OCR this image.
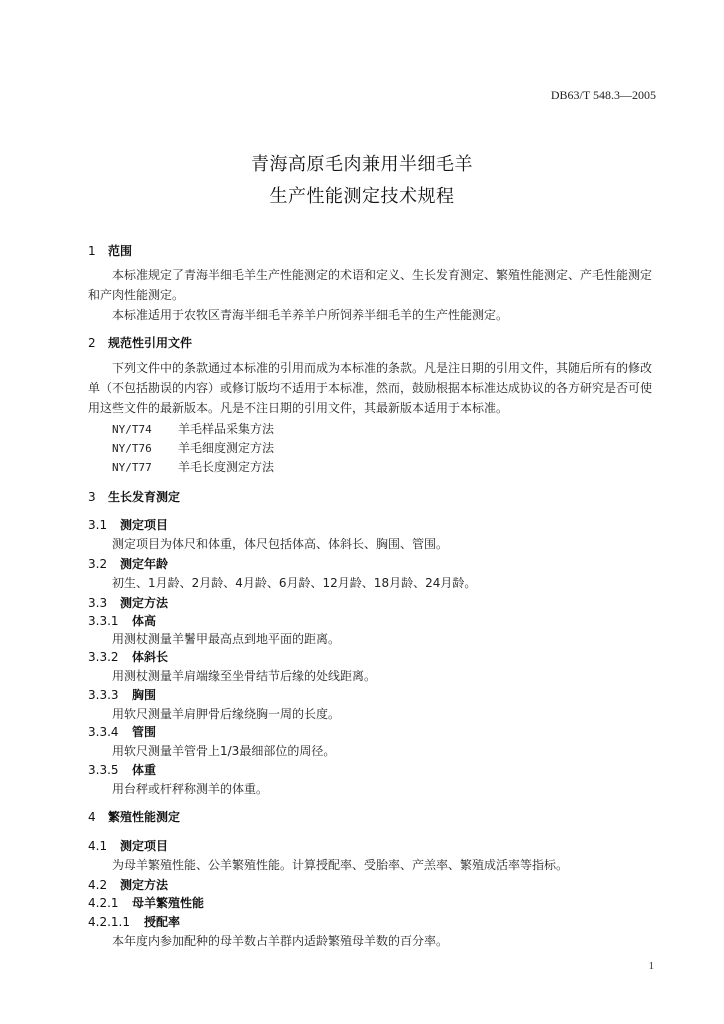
DB63/T 548.3—2005
青海高原毛肉兼用半细毛羊
生产性能测定技术规程
1 范围
本标准规定了青海半细毛羊生产性能测定的术语和定义、生长发育测定、繁殖性能测定、产毛性能测定和产肉性能测定。
本标准适用于农牧区青海半细毛羊养羊户所饲养半细毛羊的生产性能测定。
2 规范性引用文件
下列文件中的条款通过本标准的引用而成为本标准的条款。凡是注日期的引用文件，其随后所有的修改单（不包括勘误的内容）或修订版均不适用于本标准，然而，鼓励根据本标准达成协议的各方研究是否可使用这些文件的最新版本。凡是不注日期的引用文件，其最新版本适用于本标准。
NY/T74 羊毛样品采集方法
NY/T76 羊毛细度测定方法
NY/T77 羊毛长度测定方法
3 生长发育测定
3.1 测定项目
测定项目为体尺和体重，体尺包括体高、体斜长、胸围、管围。
3.2 测定年龄
初生、1月龄、2月龄、4月龄、6月龄、12月龄、18月龄、24月龄。
3.3 测定方法
3.3.1 体高
用测杖测量羊鬐甲最高点到地平面的距离。
3.3.2 体斜长
用测杖测量羊肩端缘至坐骨结节后缘的处线距离。
3.3.3 胸围
用软尺测量羊肩胛骨后缘绕胸一周的长度。
3.3.4 管围
用软尺测量羊管骨上1/3最细部位的周径。
3.3.5 体重
用台秤或杆秤称测羊的体重。
4 繁殖性能测定
4.1 测定项目
为母羊繁殖性能、公羊繁殖性能。计算授配率、受胎率、产羔率、繁殖成活率等指标。
4.2 测定方法
4.2.1 母羊繁殖性能
4.2.1.1 授配率
本年度内参加配种的母羊数占羊群内适龄繁殖母羊数的百分率。
1
